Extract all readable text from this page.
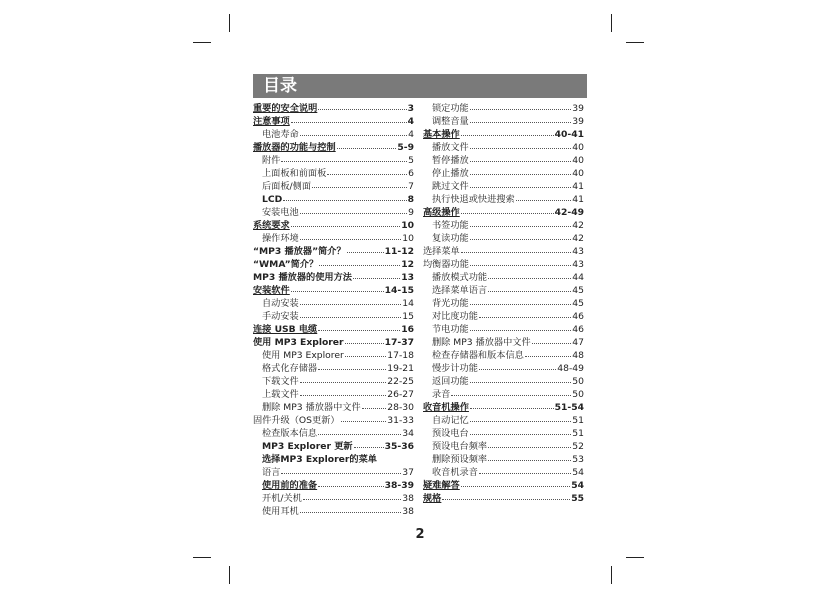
目录
重要的安全说明	3
注意事项	4
电池寿命	4
播放器的功能与控制	5-9
附件	5
上面板和前面板	6
后面板/侧面	7
LCD	8
安装电池	9
系统要求	10
操作环境	10
“MP3 播放器”简介？	11-12
“WMA”简介？	12
MP3 播放器的使用方法	13
安装软件	14-15
自动安装	14
手动安装	15
连接 USB 电缆	16
使用 MP3 Explorer	17-37
使用 MP3 Explorer	17-18
格式化存储器	19-21
下载文件	22-25
上载文件	26-27
删除 MP3 播放器中文件	28-30
固件升级（OS更新）	31-33
检查版本信息	34
MP3 Explorer 更新	35-36
选择MP3 Explorer的菜单
语言	37
使用前的准备	38-39
开机/关机	38
使用耳机	38
锁定功能	39
调整音量	39
基本操作	40-41
播放文件	40
暂停播放	40
停止播放	40
跳过文件	41
执行快退或快进搜索	41
高级操作	42-49
书签功能	42
复读功能	42
选择菜单	43
均衡器功能	43
播放模式功能	44
选择菜单语言	45
背光功能	45
对比度功能	46
节电功能	46
删除 MP3 播放器中文件	47
检查存储器和版本信息	48
慢步计功能	48-49
返回功能	50
录音	50
收音机操作	51-54
自动记忆	51
预设电台	51
预设电台频率	52
删除预设频率	53
收音机录音	54
疑难解答	54
规格	55
2
